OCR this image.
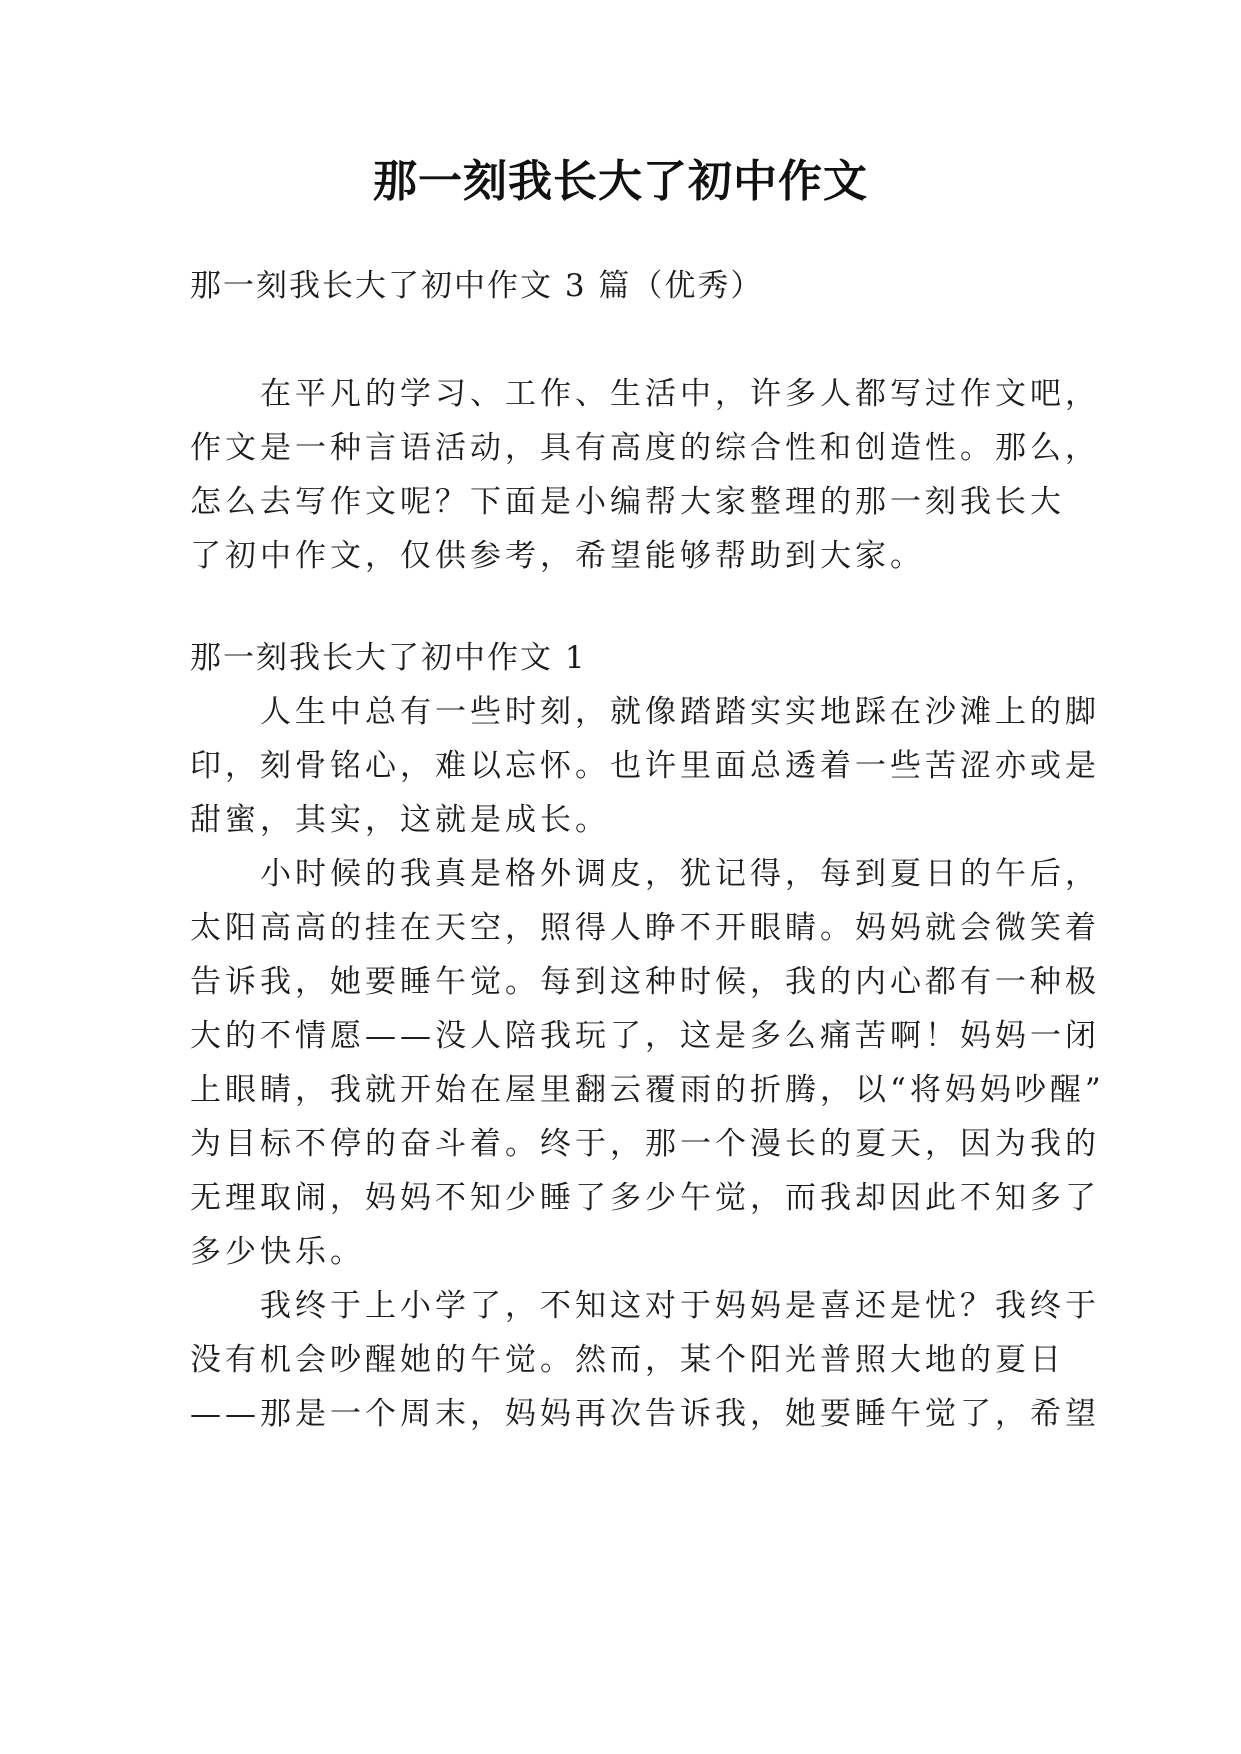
那一刻我长大了初中作文
那一刻我长大了初中作文 3 篇（优秀）
　　在平凡的学习、工作、生活中，许多人都写过作文吧，
作文是一种言语活动，具有高度的综合性和创造性。那么，
怎么去写作文呢？下面是小编帮大家整理的那一刻我长大
了初中作文，仅供参考，希望能够帮助到大家。
那一刻我长大了初中作文 1
　　人生中总有一些时刻，就像踏踏实实地踩在沙滩上的脚
印，刻骨铭心，难以忘怀。也许里面总透着一些苦涩亦或是
甜蜜，其实，这就是成长。
　　小时候的我真是格外调皮，犹记得，每到夏日的午后，
太阳高高的挂在天空，照得人睁不开眼睛。妈妈就会微笑着
告诉我，她要睡午觉。每到这种时候，我的内心都有一种极
大的不情愿——没人陪我玩了，这是多么痛苦啊！妈妈一闭
上眼睛，我就开始在屋里翻云覆雨的折腾，以“将妈妈吵醒”
为目标不停的奋斗着。终于，那一个漫长的夏天，因为我的
无理取闹，妈妈不知少睡了多少午觉，而我却因此不知多了
多少快乐。
　　我终于上小学了，不知这对于妈妈是喜还是忧？我终于
没有机会吵醒她的午觉。然而，某个阳光普照大地的夏日
——那是一个周末，妈妈再次告诉我，她要睡午觉了，希望
